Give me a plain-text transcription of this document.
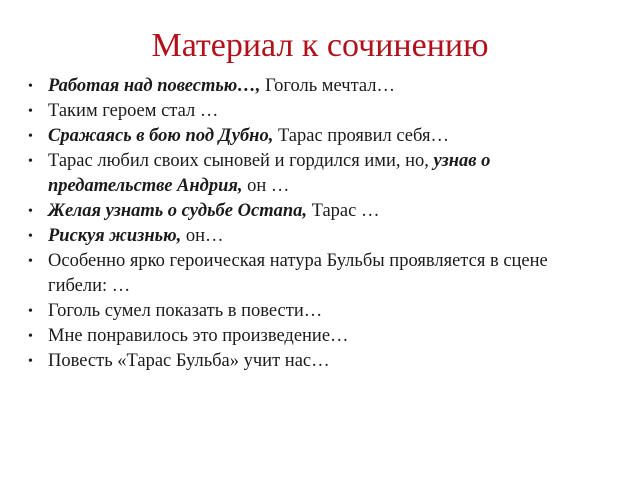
Материал к сочинению
• Работая над повестью…, Гоголь мечтал…
• Таким героем стал …
• Сражаясь в бою под Дубно, Тарас проявил себя…
• Тарас любил своих сыновей и гордился ими, но, узнав о предательстве Андрия, он …
• Желая узнать о судьбе Остапа, Тарас …
• Рискуя жизнью, он…
• Особенно ярко героическая натура Бульбы проявляется в сцене гибели: …
• Гоголь сумел показать в повести…
• Мне понравилось это произведение…
• Повесть «Тарас Бульба» учит нас…
